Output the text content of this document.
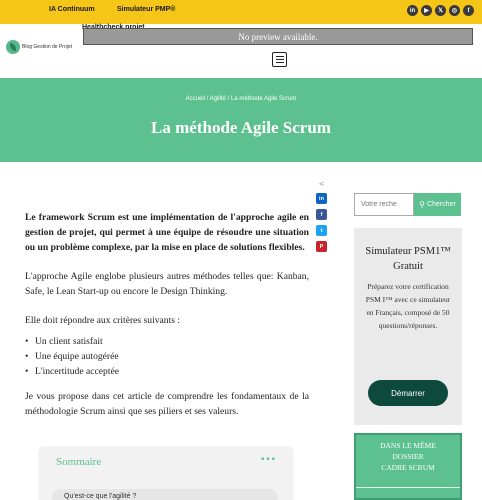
IA Continuum	Simulateur PMP®	in	▶	𝕏	◎	f
No preview available.
Blog Gestion de Projet
Accueil / Agilité / La méthode Agile Scrum
La méthode Agile Scrum
<
in
f
t
P

Le framework Scrum est une implémentation de l'approche agile en gestion de projet, qui permet à une équipe de résoudre une situation ou un problème complexe, par la mise en place de solutions flexibles.

L'approche Agile englobe plusieurs autres méthodes telles que: Kanban, Safe, le Lean Start-up ou encore le Design Thinking.

Elle doit répondre aux critères suivants :

• Un client satisfait
• Une équipe autogérée
• L'incertitude acceptée

Je vous propose dans cet article de comprendre les fondamentaux de la méthodologie Scrum ainsi que ses piliers et ses valeurs.

Sommaire	•••
Qu'est-ce que l'agilité ?
Votre reche
⚲ Chercher
Simulateur PSM1™ Gratuit
Préparez votre certification PSM I™ avec ce simulateur en Français, composé de 50 questions/réponses.
Démarrer
DANS LE MÊME
DOSSIER
CADRE SCRUM
